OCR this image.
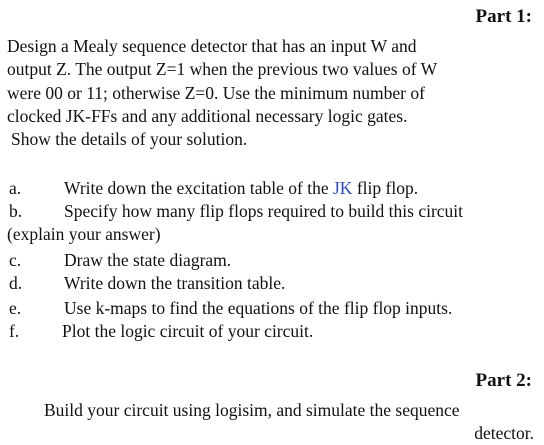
Part 1:
Design a Mealy sequence detector that has an input W and
output Z. The output Z=1 when the previous two values of W
were 00 or 11; otherwise Z=0. Use the minimum number of
clocked JK-FFs and any additional necessary logic gates.
Show the details of your solution.
a. Write down the excitation table of the JK flip flop.
b. Specify how many flip flops required to build this circuit
(explain your answer)
c. Draw the state diagram.
d. Write down the transition table.
e. Use k-maps to find the equations of the flip flop inputs.
f. Plot the logic circuit of your circuit.
Part 2:
Build your circuit using logisim, and simulate the sequence
detector.
